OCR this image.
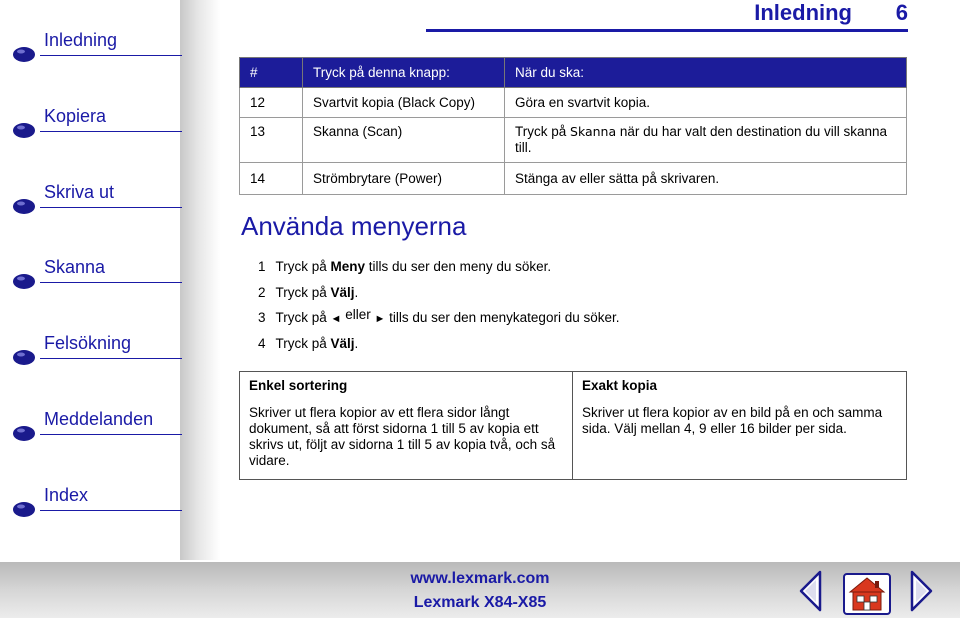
Inledning
Kopiera
Skriva ut
Skanna
Felsökning
Meddelanden
Index
Inledning 6
#	Tryck på denna knapp:	När du ska:
12	Svartvit kopia (Black Copy)	Göra en svartvit kopia.
13	Skanna (Scan)	Tryck på Skanna när du har valt den destination du vill skanna till.
14	Strömbrytare (Power)	Stänga av eller sätta på skrivaren.
Använda menyerna
1 Tryck på Meny tills du ser den meny du söker.
2 Tryck på Välj.
3 Tryck på ◄ eller ► tills du ser den menykategori du söker.
4 Tryck på Välj.
Enkel sortering
Skriver ut flera kopior av ett flera sidor långt dokument, så att först sidorna 1 till 5 av kopia ett skrivs ut, följt av sidorna 1 till 5 av kopia två, och så vidare.	
Exakt kopia
Skriver ut flera kopior av en bild på en och samma sida. Välj mellan 4, 9 eller 16 bilder per sida.
www.lexmark.com
Lexmark X84-X85
